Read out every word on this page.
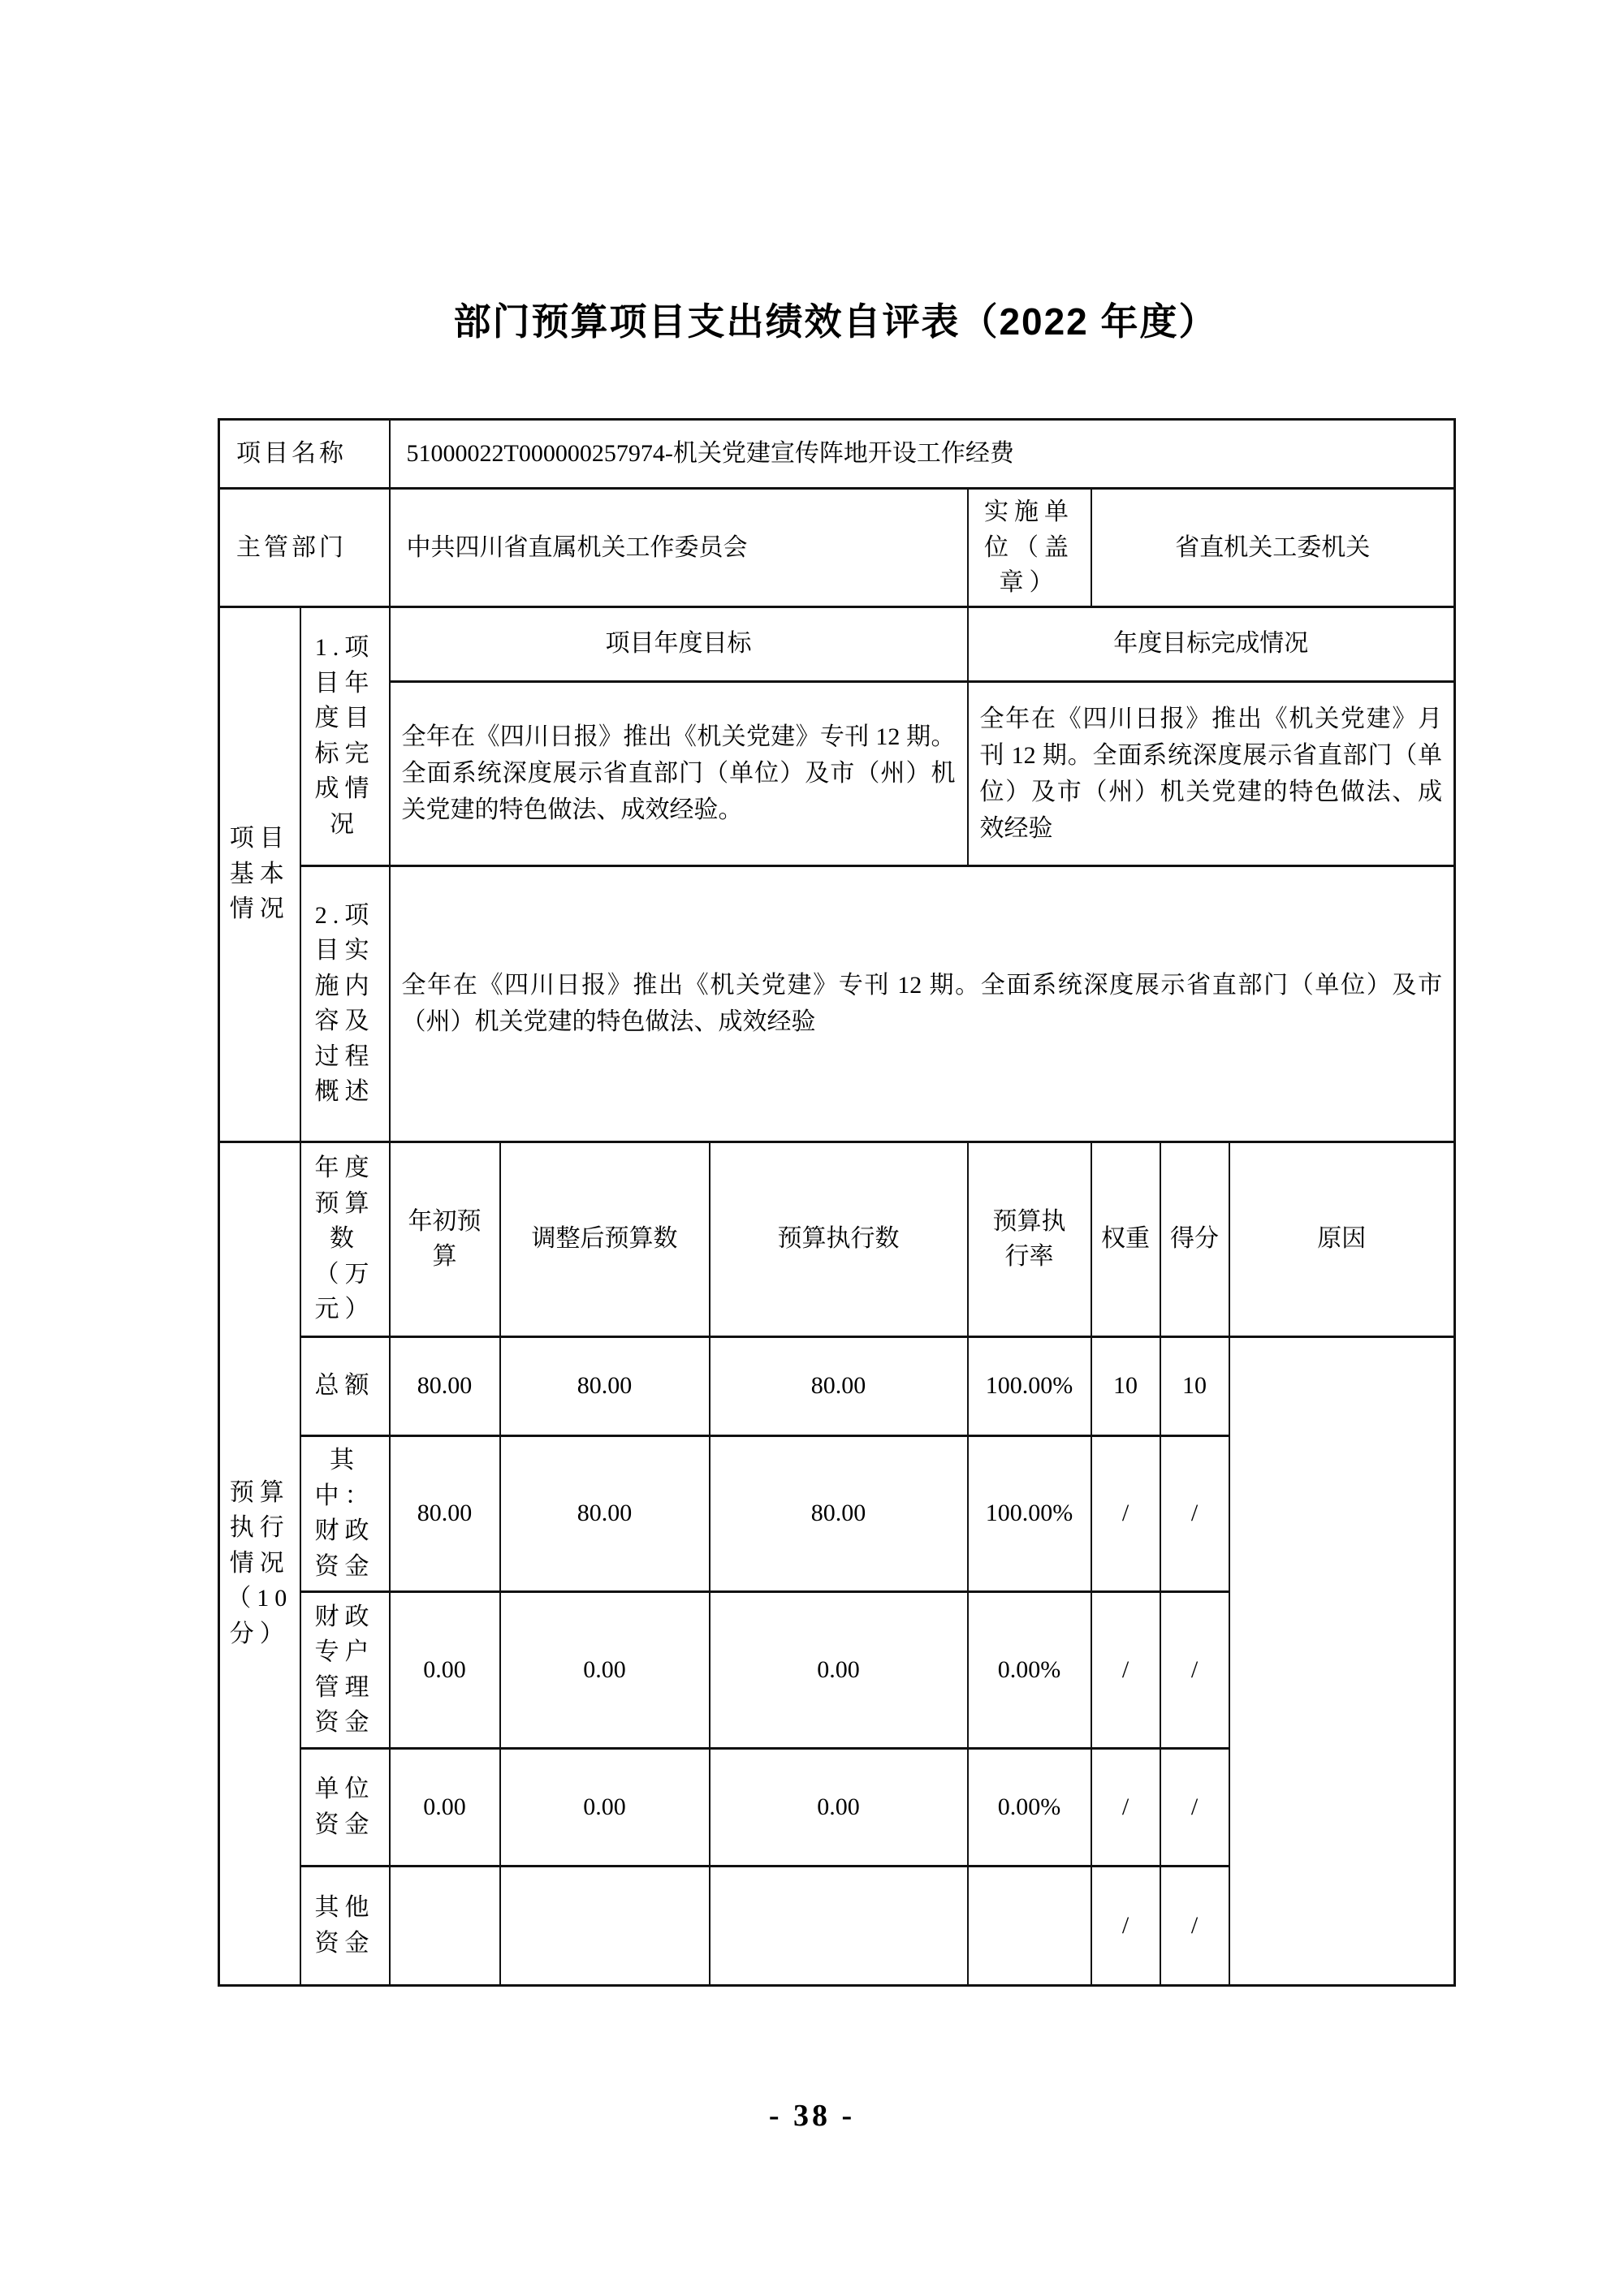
部门预算项目支出绩效自评表（2022 年度）
项目名称		51000022T000000257974-机关党建宣传阵地开设工作经费						
主管部门		中共四川省直属机关工作委员会			实施单位（盖章）	省直机关工委机关		
项目基本情况	1.项目年度目标完成情况	项目年度目标			年度目标完成情况			
		全年在《四川日报》推出《机关党建》专刊 12 期。全面系统深度展示省直部门（单位）及市（州）机关党建的特色做法、成效经验。			全年在《四川日报》推出《机关党建》月刊 12 期。全面系统深度展示省直部门（单位）及市（州）机关党建的特色做法、成效经验			
	2.项目实施内容及过程概述	全年在《四川日报》推出《机关党建》专刊 12 期。全面系统深度展示省直部门（单位）及市（州）机关党建的特色做法、成效经验						
预算执行情况（10 分）	年度预算数（万元）	年初预算	调整后预算数	预算执行数	预算执行率	权重	得分	原因
	总额	80.00	80.00	80.00	100.00%	10	10	
	其中：财政资金	80.00	80.00	80.00	100.00%	/	/	
	财政专户管理资金	0.00	0.00	0.00	0.00%	/	/	
	单位资金	0.00	0.00	0.00	0.00%	/	/	
	其他资金					/	/	
- 38 -
